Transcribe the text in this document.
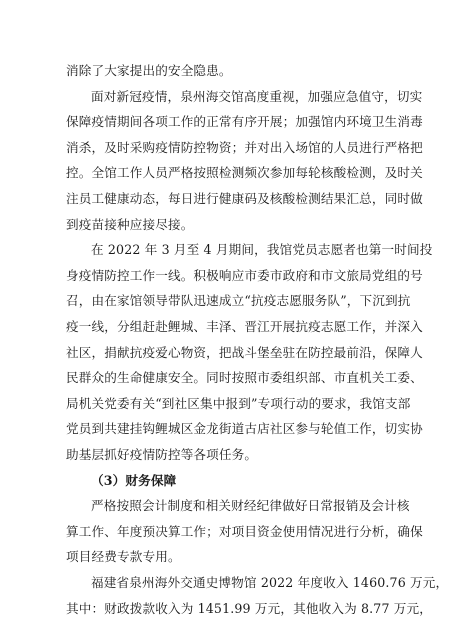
消除了大家提出的安全隐患。
面对新冠疫情，泉州海交馆高度重视，加强应急值守，切实
保障疫情期间各项工作的正常有序开展；加强馆内环境卫生消毒
消杀，及时采购疫情防控物资；并对出入场馆的人员进行严格把
控。全馆工作人员严格按照检测频次参加每轮核酸检测，及时关
注员工健康动态，每日进行健康码及核酸检测结果汇总，同时做
到疫苗接种应接尽接。
在 2022 年 3 月至 4 月期间，我馆党员志愿者也第一时间投
身疫情防控工作一线。积极响应市委市政府和市文旅局党组的号
召，由在家馆领导带队迅速成立“抗疫志愿服务队”，下沉到抗
疫一线，分组赶赴鲤城、丰泽、晋江开展抗疫志愿工作，并深入
社区，捐献抗疫爱心物资，把战斗堡垒驻在防控最前沿，保障人
民群众的生命健康安全。同时按照市委组织部、市直机关工委、
局机关党委有关“到社区集中报到”专项行动的要求，我馆支部
党员到共建挂钩鲤城区金龙街道古店社区参与轮值工作，切实协
助基层抓好疫情防控等各项任务。
（3）财务保障
严格按照会计制度和相关财经纪律做好日常报销及会计核
算工作、年度预决算工作；对项目资金使用情况进行分析，确保
项目经费专款专用。
福建省泉州海外交通史博物馆 2022 年度收入 1460.76 万元，
其中：财政拨款收入为 1451.99 万元，其他收入为 8.77 万元，
